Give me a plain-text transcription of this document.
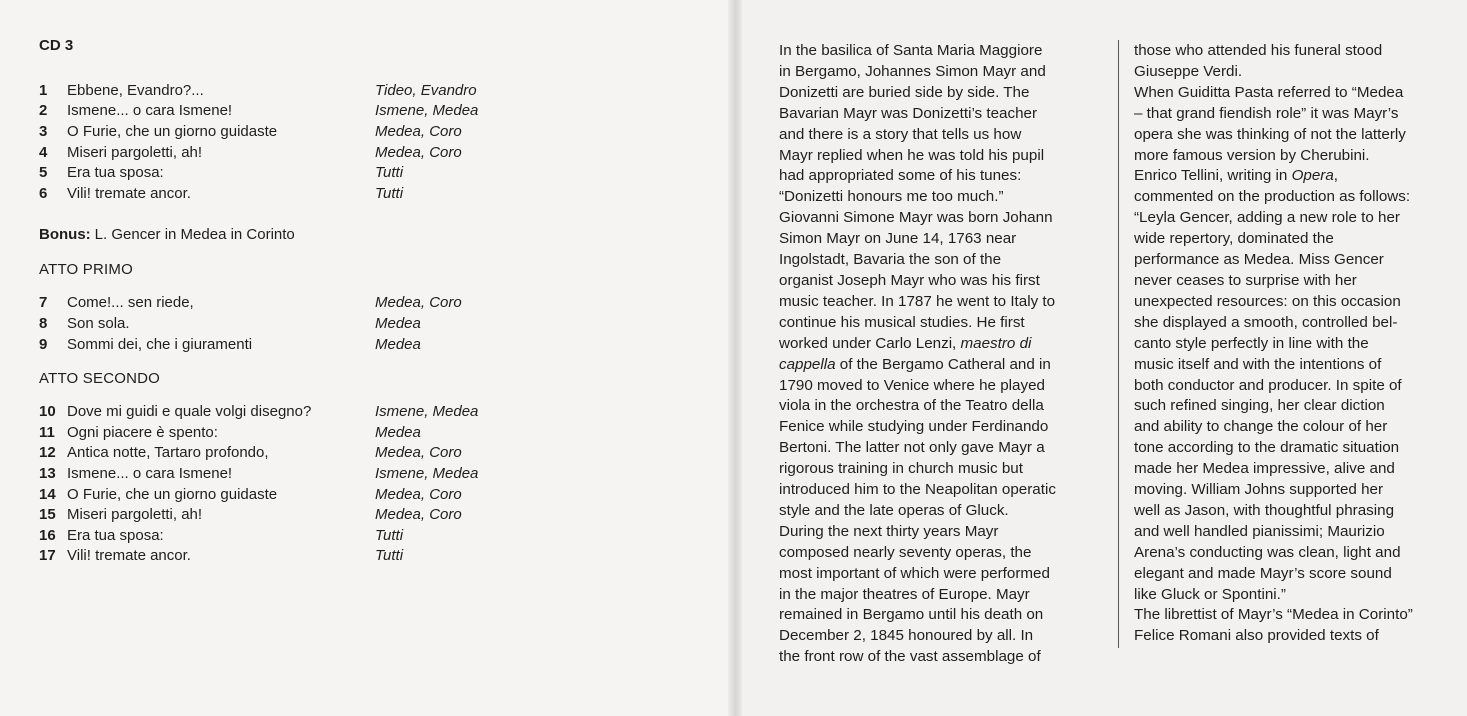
CD 3
1	Ebbene, Evandro?...	Tideo, Evandro
2	Ismene... o cara Ismene!	Ismene, Medea
3	O Furie, che un giorno guidaste	Medea, Coro
4	Miseri pargoletti, ah!	Medea, Coro
5	Era tua sposa:	Tutti
6	Vili! tremate ancor.	Tutti
Bonus: L. Gencer in Medea in Corinto
ATTO PRIMO
7	Come!... sen riede,	Medea, Coro
8	Son sola.	Medea
9	Sommi dei, che i giuramenti	Medea
ATTO SECONDO
10 Dove mi guidi e quale volgi disegno?	Ismene, Medea
11 Ogni piacere è spento:	Medea
12 Antica notte, Tartaro profondo,	Medea, Coro
13 Ismene... o cara Ismene!	Ismene, Medea
14 O Furie, che un giorno guidaste	Medea, Coro
15 Miseri pargoletti, ah!	Medea, Coro
16 Era tua sposa:	Tutti
17 Vili! tremate ancor.	Tutti

In the basilica of Santa Maria Maggiore

in Bergamo, Johannes Simon Mayr and

Donizetti are buried side by side. The

Bavarian Mayr was Donizetti’s teacher

and there is a story that tells us how

Mayr replied when he was told his pupil

had appropriated some of his tunes:

“Donizetti honours me too much.”

Giovanni Simone Mayr was born Johann

Simon Mayr on June 14, 1763 near

Ingolstadt, Bavaria the son of the

organist Joseph Mayr who was his first

music teacher. In 1787 he went to Italy to

continue his musical studies. He first

worked under Carlo Lenzi, maestro di

cappella of the Bergamo Catheral and in

1790 moved to Venice where he played

viola in the orchestra of the Teatro della

Fenice while studying under Ferdinando

Bertoni. The latter not only gave Mayr a

rigorous training in church music but

introduced him to the Neapolitan operatic

style and the late operas of Gluck.

During the next thirty years Mayr

composed nearly seventy operas, the

most important of which were performed

in the major theatres of Europe. Mayr

remained in Bergamo until his death on

December 2, 1845 honoured by all. In

the front row of the vast assemblage of

those who attended his funeral stood

Giuseppe Verdi.

When Guiditta Pasta referred to “Medea

– that grand fiendish role” it was Mayr’s

opera she was thinking of not the latterly

more famous version by Cherubini.

Enrico Tellini, writing in Opera,

commented on the production as follows:

“Leyla Gencer, adding a new role to her

wide repertory, dominated the

performance as Medea. Miss Gencer

never ceases to surprise with her

unexpected resources: on this occasion

she displayed a smooth, controlled bel-

canto style perfectly in line with the

music itself and with the intentions of

both conductor and producer. In spite of

such refined singing, her clear diction

and ability to change the colour of her

tone according to the dramatic situation

made her Medea impressive, alive and

moving. William Johns supported her

well as Jason, with thoughtful phrasing

and well handled pianissimi; Maurizio

Arena’s conducting was clean, light and

elegant and made Mayr’s score sound

like Gluck or Spontini.”

The librettist of Mayr’s “Medea in Corinto”

Felice Romani also provided texts of
